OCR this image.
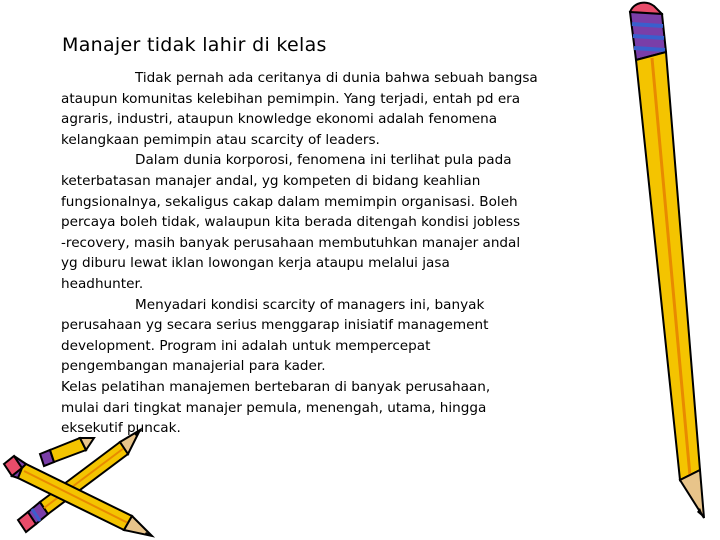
Manajer tidak lahir di kelas
Tidak pernah ada ceritanya di dunia bahwa sebuah bangsa
ataupun komunitas kelebihan pemimpin. Yang terjadi, entah pd era
agraris, industri, ataupun knowledge ekonomi adalah fenomena
kelangkaan pemimpin atau scarcity of leaders.
Dalam dunia korporosi, fenomena ini terlihat pula pada
keterbatasan manajer andal, yg kompeten di bidang keahlian
fungsionalnya, sekaligus cakap dalam memimpin organisasi. Boleh
percaya boleh tidak, walaupun kita berada ditengah kondisi jobless
-recovery, masih banyak perusahaan membutuhkan manajer andal
yg diburu lewat iklan lowongan kerja ataupu melalui jasa
headhunter.
Menyadari kondisi scarcity of managers ini, banyak
perusahaan yg secara serius menggarap inisiatif management
development. Program ini adalah untuk mempercepat
pengembangan manajerial para kader.
Kelas pelatihan manajemen bertebaran di banyak perusahaan,
mulai dari tingkat manajer pemula, menengah, utama, hingga
eksekutif puncak.
